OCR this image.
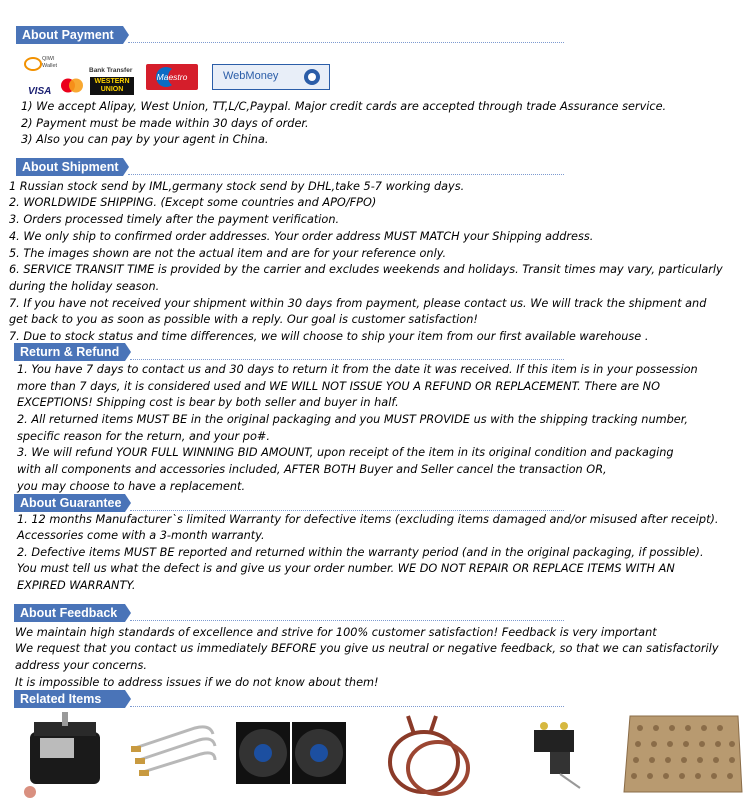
About Payment
QIWI Wallet
Bank Transfer
VISA
WESTERN
UNION
Maestro	WebMoney
1) We accept Alipay, West Union, TT,L/C,Paypal. Major credit cards are accepted through trade Assurance service.
2) Payment must be made within 30 days of order.
3) Also you can pay by your agent in China.
About Shipment
1 Russian stock send by IML,germany stock send by DHL,take 5-7 working days.
2. WORLDWIDE SHIPPING. (Except some countries and APO/FPO)
3. Orders processed timely after the payment verification.
4. We only ship to confirmed order addresses. Your order address MUST MATCH your Shipping address.
5. The images shown are not the actual item and are for your reference only.
6. SERVICE TRANSIT TIME is provided by the carrier and excludes weekends and holidays. Transit times may vary, particularly
during the holiday season.
7. If you have not received your shipment within 30 days from payment, please contact us. We will track the shipment and
get back to you as soon as possible with a reply. Our goal is customer satisfaction!
7. Due to stock status and time differences, we will choose to ship your item from our first available warehouse .
Return & Refund
1. You have 7 days to contact us and 30 days to return it from the date it was received. If this item is in your possession
more than 7 days, it is considered used and WE WILL NOT ISSUE YOU A REFUND OR REPLACEMENT. There are NO
EXCEPTIONS! Shipping cost is bear by both seller and buyer in half.
2. All returned items MUST BE in the original packaging and you MUST PROVIDE us with the shipping tracking number,
specific reason for the return, and your po#.
3. We will refund YOUR FULL WINNING BID AMOUNT, upon receipt of the item in its original condition and packaging
with all components and accessories included, AFTER BOTH Buyer and Seller cancel the transaction OR,
you may choose to have a replacement.
About Guarantee
1. 12 months Manufacturer`s limited Warranty for defective items (excluding items damaged and/or misused after receipt).
Accessories come with a 3-month warranty.
2. Defective items MUST BE reported and returned within the warranty period (and in the original packaging, if possible).
You must tell us what the defect is and give us your order number. WE DO NOT REPAIR OR REPLACE ITEMS WITH AN
EXPIRED WARRANTY.
About Feedback
We maintain high standards of excellence and strive for 100% customer satisfaction! Feedback is very important
We request that you contact us immediately BEFORE you give us neutral or negative feedback, so that we can satisfactorily
address your concerns.
It is impossible to address issues if we do not know about them!
Related Items
